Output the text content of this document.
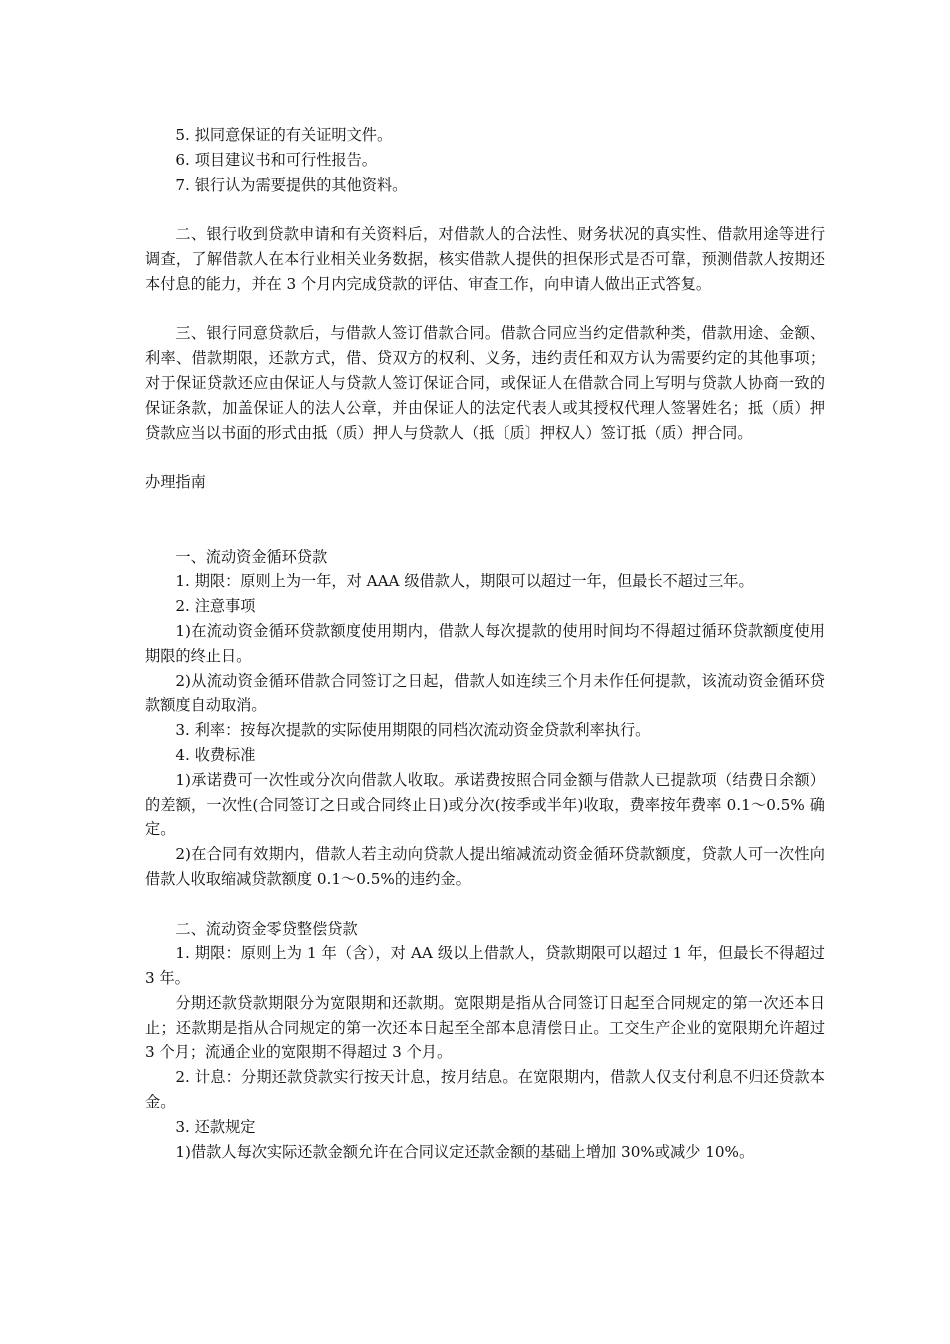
5. 拟同意保证的有关证明文件。

6. 项目建议书和可行性报告。

7. 银行认为需要提供的其他资料。

二、银行收到贷款申请和有关资料后，对借款人的合法性、财务状况的真实性、借款用途等进行调查，了解借款人在本行业相关业务数据，核实借款人提供的担保形式是否可靠，预测借款人按期还本付息的能力，并在 3 个月内完成贷款的评估、审查工作，向申请人做出正式答复。

三、银行同意贷款后，与借款人签订借款合同。借款合同应当约定借款种类，借款用途、金额、利率、借款期限，还款方式，借、贷双方的权利、义务，违约责任和双方认为需要约定的其他事项；对于保证贷款还应由保证人与贷款人签订保证合同，或保证人在借款合同上写明与贷款人协商一致的保证条款，加盖保证人的法人公章，并由保证人的法定代表人或其授权代理人签署姓名；抵（质）押贷款应当以书面的形式由抵（质）押人与贷款人（抵〔质〕押权人）签订抵（质）押合同。

办理指南

一、流动资金循环贷款

1. 期限：原则上为一年，对 AAA 级借款人，期限可以超过一年，但最长不超过三年。

2. 注意事项

1)在流动资金循环贷款额度使用期内，借款人每次提款的使用时间均不得超过循环贷款额度使用期限的终止日。

2)从流动资金循环借款合同签订之日起，借款人如连续三个月未作任何提款，该流动资金循环贷款额度自动取消。

3. 利率：按每次提款的实际使用期限的同档次流动资金贷款利率执行。

4. 收费标准

1)承诺费可一次性或分次向借款人收取。承诺费按照合同金额与借款人已提款项（结费日余额）的差额，一次性(合同签订之日或合同终止日)或分次(按季或半年)收取，费率按年费率 0.1～0.5% 确定。

2)在合同有效期内，借款人若主动向贷款人提出缩减流动资金循环贷款额度，贷款人可一次性向借款人收取缩减贷款额度 0.1～0.5%的违约金。

二、流动资金零贷整偿贷款

1. 期限：原则上为 1 年（含），对 AA 级以上借款人，贷款期限可以超过 1 年，但最长不得超过 3 年。

分期还款贷款期限分为宽限期和还款期。宽限期是指从合同签订日起至合同规定的第一次还本日止；还款期是指从合同规定的第一次还本日起至全部本息清偿日止。工交生产企业的宽限期允许超过 3 个月；流通企业的宽限期不得超过 3 个月。

2. 计息：分期还款贷款实行按天计息，按月结息。在宽限期内，借款人仅支付利息不归还贷款本金。

3. 还款规定

1)借款人每次实际还款金额允许在合同议定还款金额的基础上增加 30%或减少 10%。
